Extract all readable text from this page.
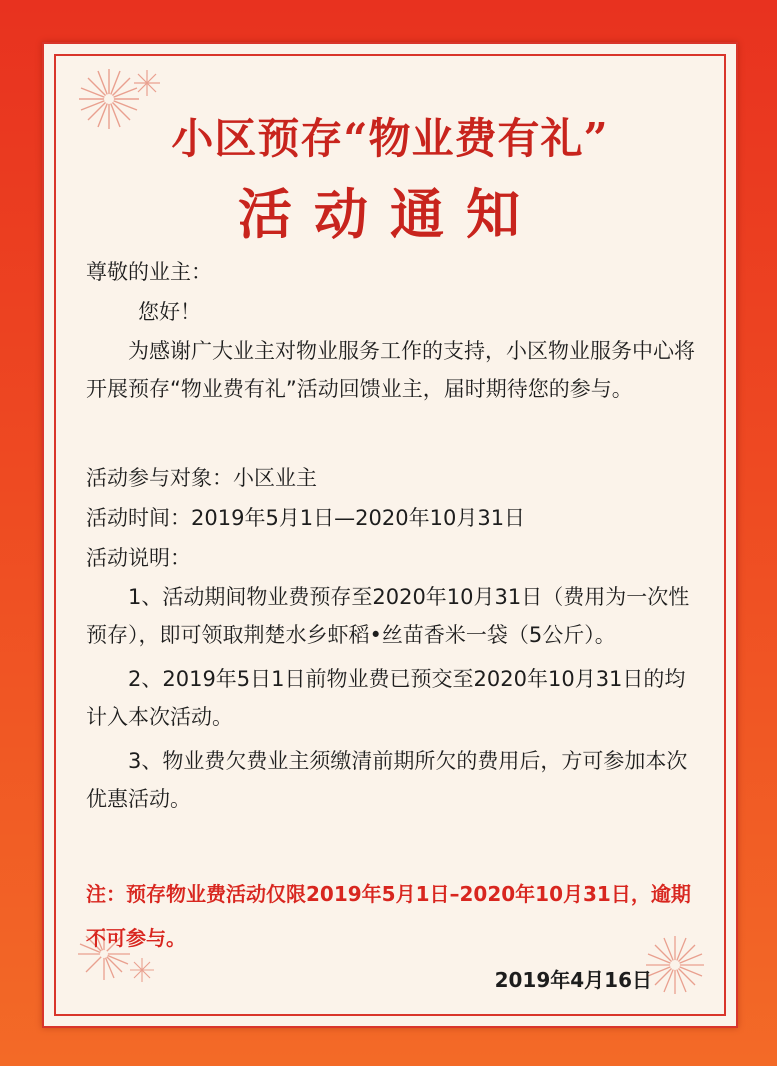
小区预存“物业费有礼”
活动通知
尊敬的业主：
您好！

为感谢广大业主对物业服务工作的支持，小区物业服务中心将开展预存“物业费有礼”活动回馈业主，届时期待您的参与。

活动参与对象：小区业主
活动时间：2019年5月1日—2020年10月31日
活动说明：

1、活动期间物业费预存至2020年10月31日（费用为一次性预存），即可领取荆楚水乡虾稻•丝苗香米一袋（5公斤）。

2、2019年5日1日前物业费已预交至2020年10月31日的均计入本次活动。

3、物业费欠费业主须缴清前期所欠的费用后，方可参加本次优惠活动。

注：预存物业费活动仅限2019年5月1日–2020年10月31日，逾期不可参与。
2019年4月16日
